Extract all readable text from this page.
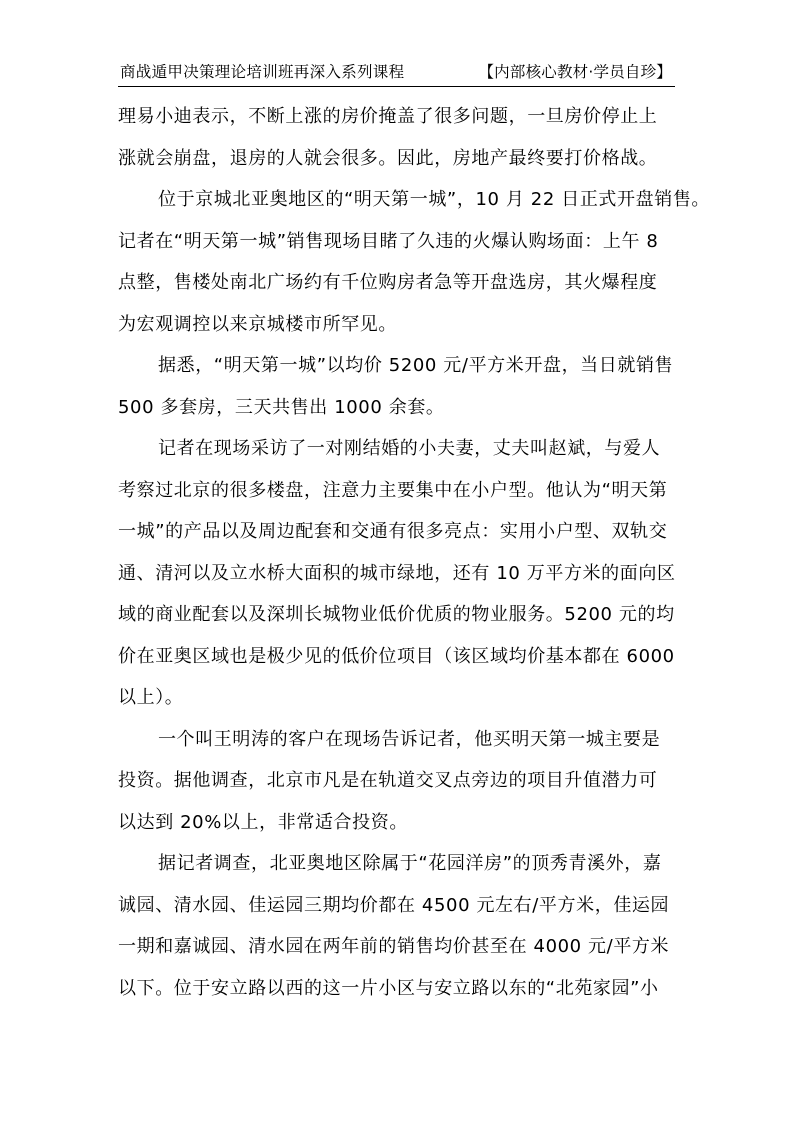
商战遁甲决策理论培训班再深入系列课程	【内部核心教材·学员自珍】
理易小迪表示，不断上涨的房价掩盖了很多问题，一旦房价停止上
涨就会崩盘，退房的人就会很多。因此，房地产最终要打价格战。
位于京城北亚奥地区的“明天第一城”，10 月 22 日正式开盘销售。
记者在“明天第一城”销售现场目睹了久违的火爆认购场面：上午 8
点整，售楼处南北广场约有千位购房者急等开盘选房，其火爆程度
为宏观调控以来京城楼市所罕见。
据悉，“明天第一城”以均价 5200 元/平方米开盘，当日就销售
500 多套房，三天共售出 1000 余套。
记者在现场采访了一对刚结婚的小夫妻，丈夫叫赵斌，与爱人
考察过北京的很多楼盘，注意力主要集中在小户型。他认为“明天第
一城”的产品以及周边配套和交通有很多亮点：实用小户型、双轨交
通、清河以及立水桥大面积的城市绿地，还有 10 万平方米的面向区
域的商业配套以及深圳长城物业低价优质的物业服务。5200 元的均
价在亚奥区域也是极少见的低价位项目（该区域均价基本都在 6000
以上）。
一个叫王明涛的客户在现场告诉记者，他买明天第一城主要是
投资。据他调查，北京市凡是在轨道交叉点旁边的项目升值潜力可
以达到 20%以上，非常适合投资。
据记者调查，北亚奥地区除属于“花园洋房”的顶秀青溪外，嘉
诚园、清水园、佳运园三期均价都在 4500 元左右/平方米，佳运园
一期和嘉诚园、清水园在两年前的销售均价甚至在 4000 元/平方米
以下。位于安立路以西的这一片小区与安立路以东的“北苑家园”小
